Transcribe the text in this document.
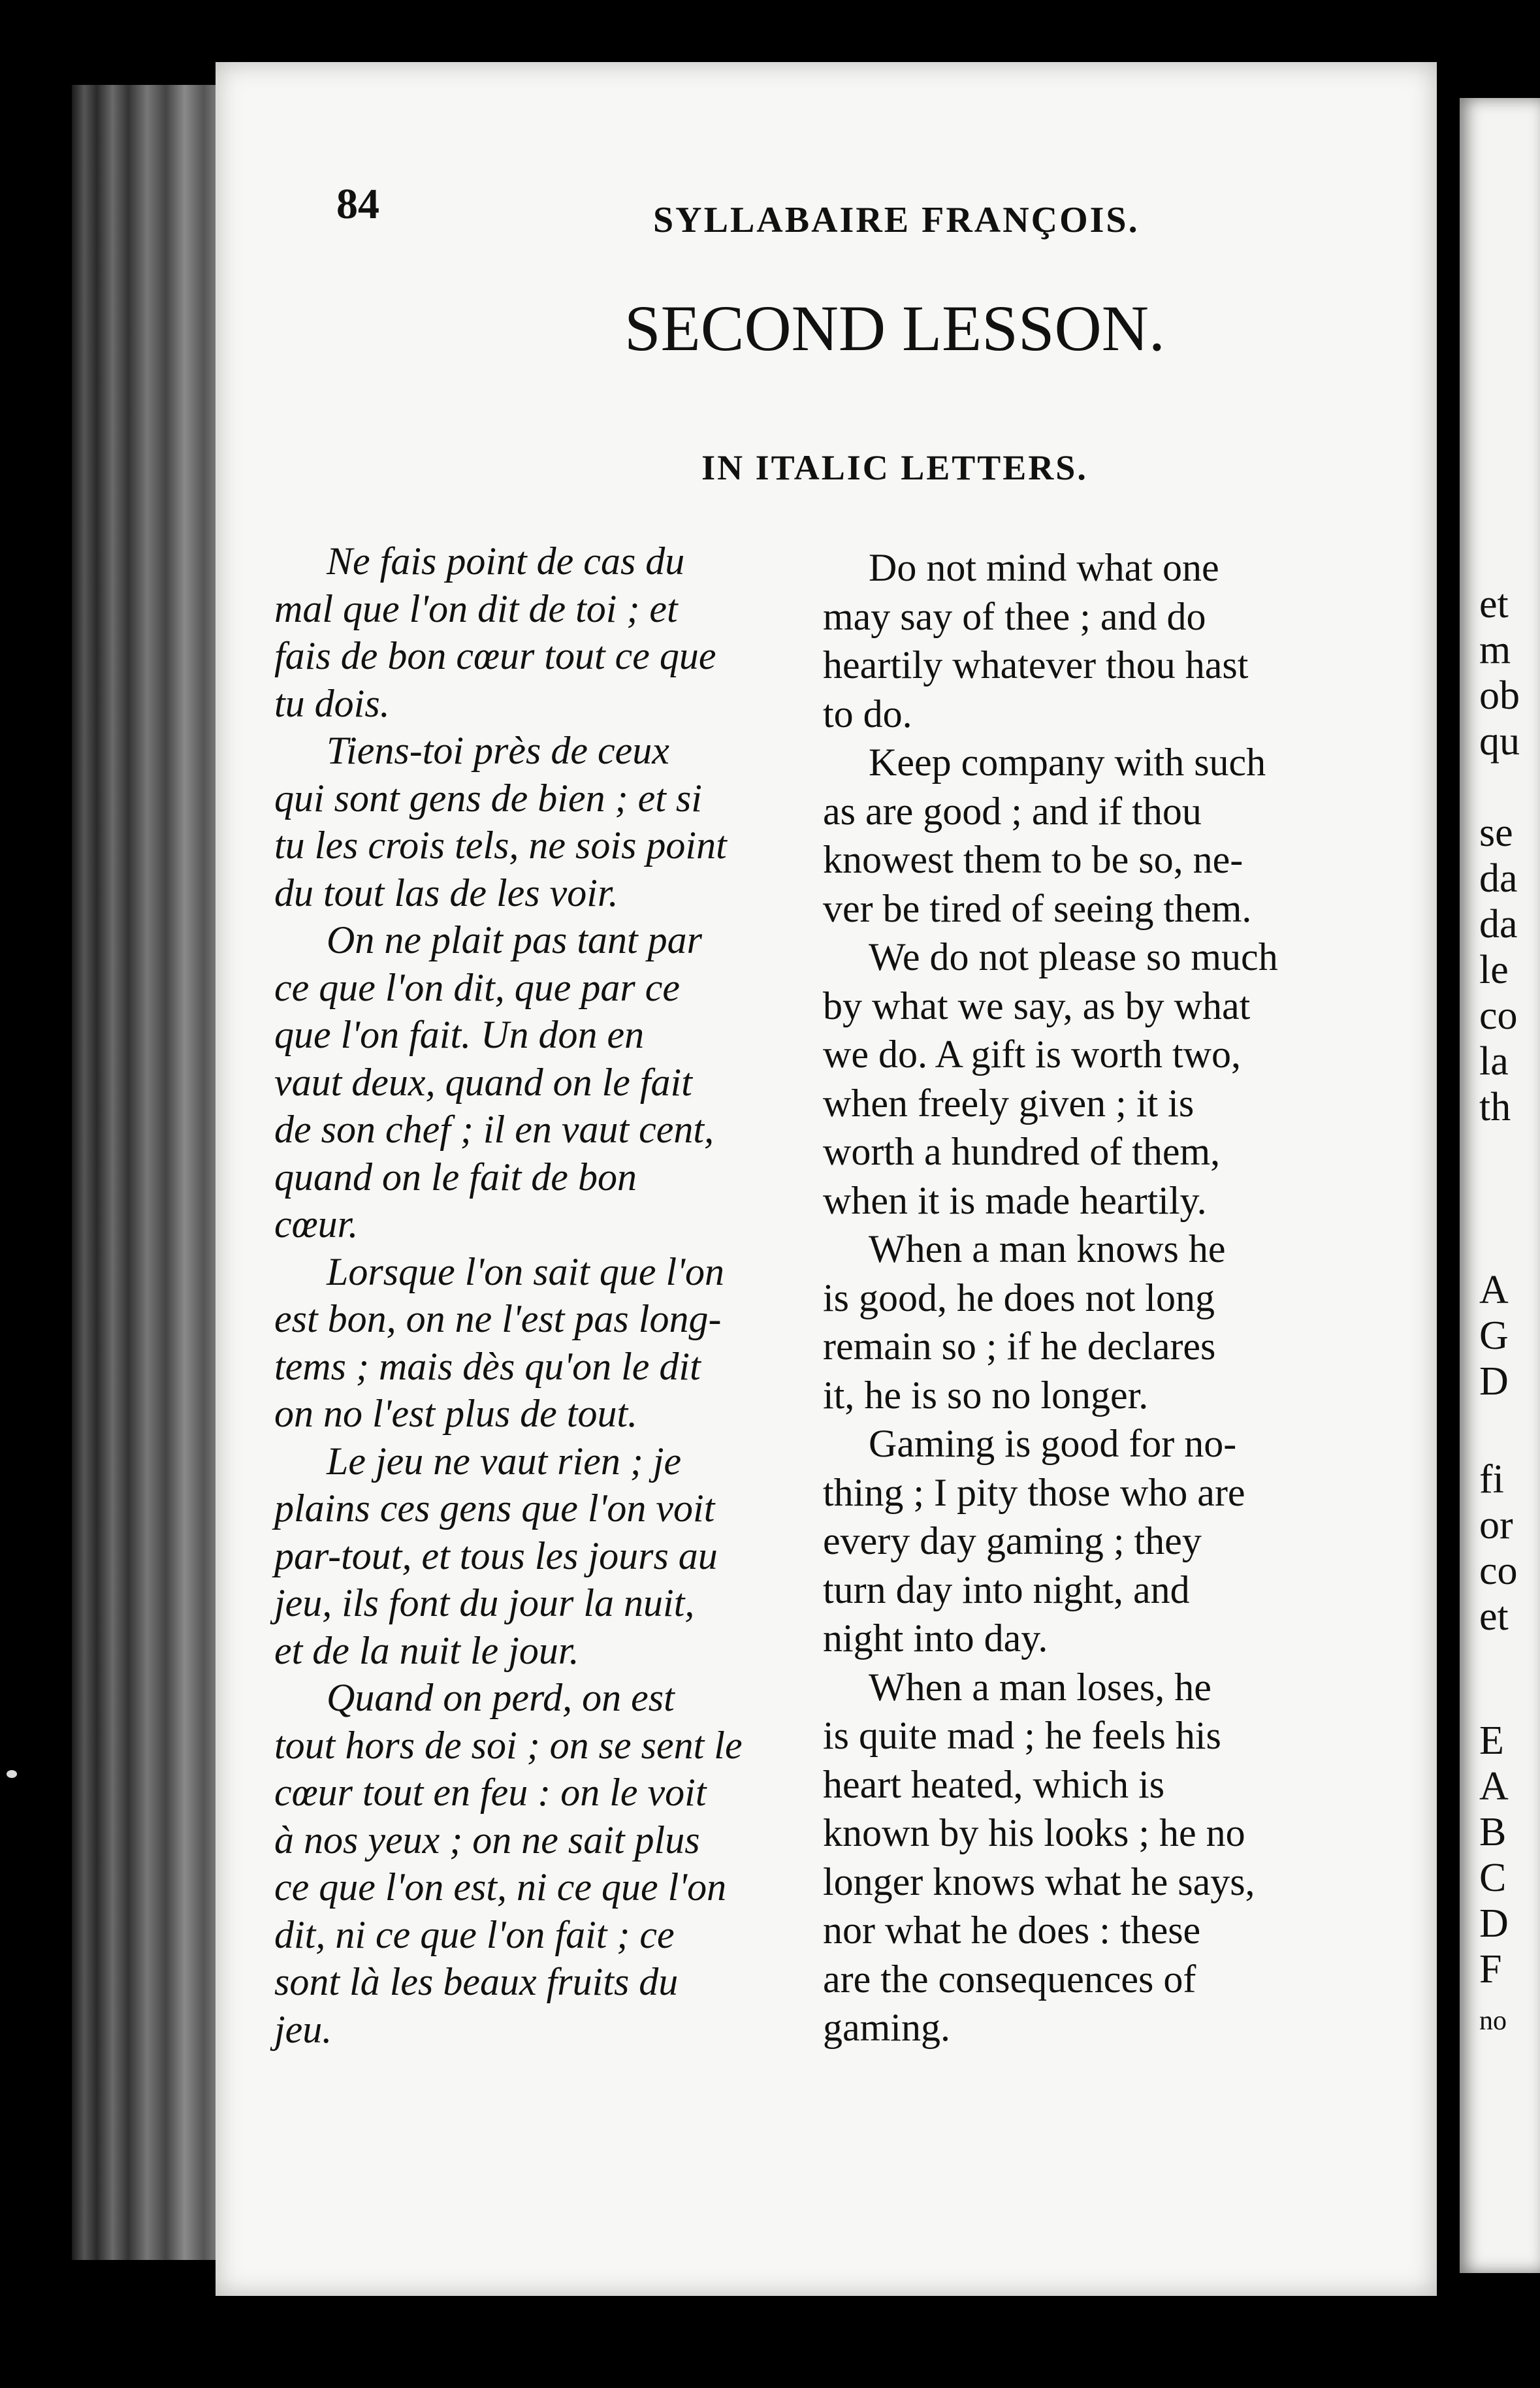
84	SYLLABAIRE FRANÇOIS.
SECOND LESSON.
IN ITALIC LETTERS.
Ne fais point de cas du
mal que l'on dit de toi ; et
fais de bon cœur tout ce que
tu dois.
Tiens-toi près de ceux
qui sont gens de bien ; et si
tu les crois tels, ne sois point
du tout las de les voir.
On ne plait pas tant par
ce que l'on dit, que par ce
que l'on fait. Un don en
vaut deux, quand on le fait
de son chef ; il en vaut cent,
quand on le fait de bon
cœur.
Lorsque l'on sait que l'on
est bon, on ne l'est pas long-
tems ; mais dès qu'on le dit
on no l'est plus de tout.
Le jeu ne vaut rien ; je
plains ces gens que l'on voit
par-tout, et tous les jours au
jeu, ils font du jour la nuit,
et de la nuit le jour.
Quand on perd, on est
tout hors de soi ; on se sent le
cœur tout en feu : on le voit
à nos yeux ; on ne sait plus
ce que l'on est, ni ce que l'on
dit, ni ce que l'on fait ; ce
sont là les beaux fruits du
jeu.
Do not mind what one
may say of thee ; and do
heartily whatever thou hast
to do.
Keep company with such
as are good ; and if thou
knowest them to be so, ne-
ver be tired of seeing them.
We do not please so much
by what we say, as by what
we do. A gift is worth two,
when freely given ; it is
worth a hundred of them,
when it is made heartily.
When a man knows he
is good, he does not long
remain so ; if he declares
it, he is so no longer.
Gaming is good for no-
thing ; I pity those who are
every day gaming ; they
turn day into night, and
night into day.
When a man loses, he
is quite mad ; he feels his
heart heated, which is
known by his looks ; he no
longer knows what he says,
nor what he does : these
are the consequences of
gaming.
et
m
ob
qu
se
da
da
le
co
la
th
A
G
D
fi
or
co
et
E
A
B
C
D
F
no
